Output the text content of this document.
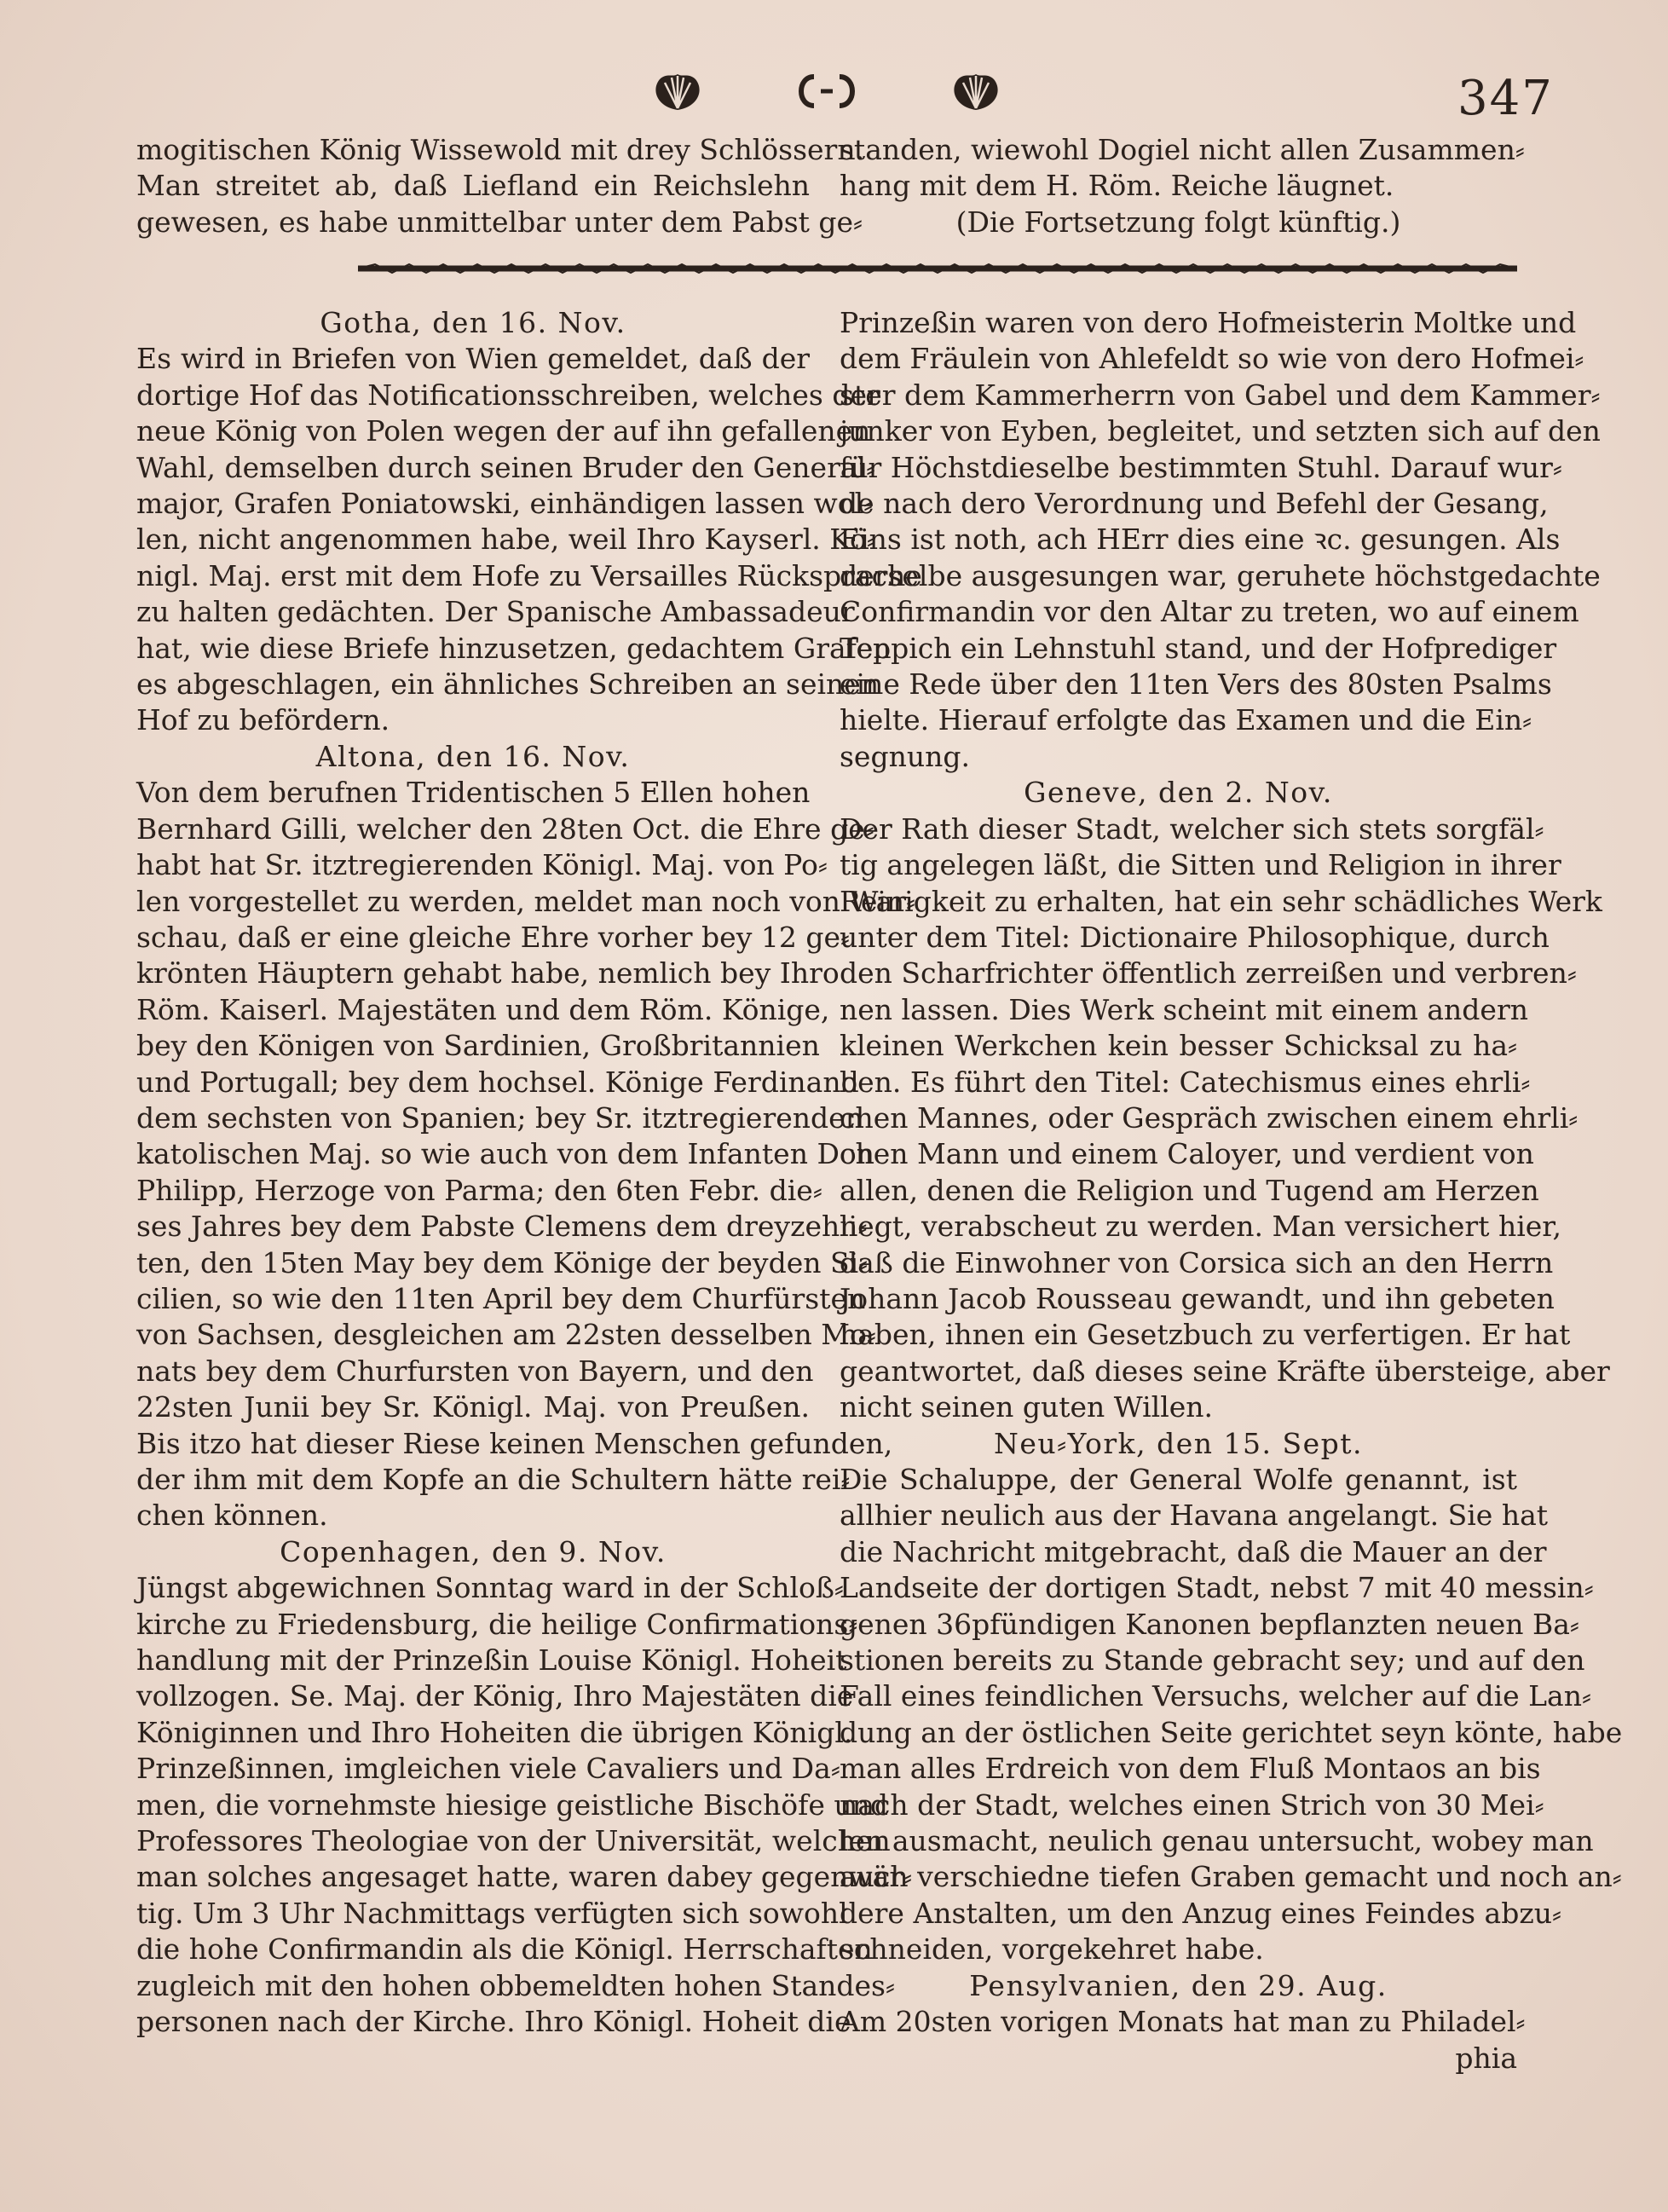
347

mogitischen König Wissewold mit drey Schlössern.

Man streitet ab, daß Liefland ein Reichslehn

gewesen, es habe unmittelbar unter dem Pabst ge⸗

standen, wiewohl Dogiel nicht allen Zusammen⸗

hang mit dem H. Röm. Reiche läugnet.

(Die Fortsetzung folgt künftig.)

Gotha, den 16. Nov.

Es wird in Briefen von Wien gemeldet, daß der

dortige Hof das Notificationsschreiben, welches der

neue König von Polen wegen der auf ihn gefallenen

Wahl, demselben durch seinen Bruder den General⸗

major, Grafen Poniatowski, einhändigen lassen wol⸗

len, nicht angenommen habe, weil Ihro Kayserl. Kö⸗

nigl. Maj. erst mit dem Hofe zu Versailles Rücksprache

zu halten gedächten. Der Spanische Ambassadeur

hat, wie diese Briefe hinzusetzen, gedachtem Grafen

es abgeschlagen, ein ähnliches Schreiben an seinen

Hof zu befördern.

Altona, den 16. Nov.

Von dem berufnen Tridentischen 5 Ellen hohen

Bernhard Gilli, welcher den 28ten Oct. die Ehre ge⸗

habt hat Sr. itztregierenden Königl. Maj. von Po⸗

len vorgestellet zu werden, meldet man noch von War⸗

schau, daß er eine gleiche Ehre vorher bey 12 ge⸗

krönten Häuptern gehabt habe, nemlich bey Ihro

Röm. Kaiserl. Majestäten und dem Röm. Könige,

bey den Königen von Sardinien, Großbritannien

und Portugall; bey dem hochsel. Könige Ferdinand

dem sechsten von Spanien; bey Sr. itztregierenden

katolischen Maj. so wie auch von dem Infanten Don

Philipp, Herzoge von Parma; den 6ten Febr. die⸗

ses Jahres bey dem Pabste Clemens dem dreyzehn⸗

ten, den 15ten May bey dem Könige der beyden Si⸗

cilien, so wie den 11ten April bey dem Churfürsten

von Sachsen, desgleichen am 22sten desselben Mo⸗

nats bey dem Churfursten von Bayern, und den

22sten Junii bey Sr. Königl. Maj. von Preußen.

Bis itzo hat dieser Riese keinen Menschen gefunden,

der ihm mit dem Kopfe an die Schultern hätte rei⸗

chen können.

Copenhagen, den 9. Nov.

Jüngst abgewichnen Sonntag ward in der Schloß⸗

kirche zu Friedensburg, die heilige Confirmations⸗

handlung mit der Prinzeßin Louise Königl. Hoheit

vollzogen. Se. Maj. der König, Ihro Majestäten die

Königinnen und Ihro Hoheiten die übrigen Königl.

Prinzeßinnen, imgleichen viele Cavaliers und Da⸗

men, die vornehmste hiesige geistliche Bischöfe und

Professores Theologiae von der Universität, welchen

man solches angesaget hatte, waren dabey gegenwär⸗

tig. Um 3 Uhr Nachmittags verfügten sich sowohl

die hohe Confirmandin als die Königl. Herrschaften

zugleich mit den hohen obbemeldten hohen Standes⸗

personen nach der Kirche. Ihro Königl. Hoheit die

Prinzeßin waren von dero Hofmeisterin Moltke und

dem Fräulein von Ahlefeldt so wie von dero Hofmei⸗

ster dem Kammerherrn von Gabel und dem Kammer⸗

junker von Eyben, begleitet, und setzten sich auf den

für Höchstdieselbe bestimmten Stuhl. Darauf wur⸗

de nach dero Verordnung und Befehl der Gesang,

Eins ist noth, ach HErr dies eine ꝛc. gesungen. Als

derselbe ausgesungen war, geruhete höchstgedachte

Confirmandin vor den Altar zu treten, wo auf einem

Teppich ein Lehnstuhl stand, und der Hofprediger

eine Rede über den 11ten Vers des 80sten Psalms

hielte. Hierauf erfolgte das Examen und die Ein⸗

segnung.

Geneve, den 2. Nov.

Der Rath dieser Stadt, welcher sich stets sorgfäl⸗

tig angelegen läßt, die Sitten und Religion in ihrer

Reinigkeit zu erhalten, hat ein sehr schädliches Werk

unter dem Titel: Dictionaire Philosophique, durch

den Scharfrichter öffentlich zerreißen und verbren⸗

nen lassen. Dies Werk scheint mit einem andern

kleinen Werkchen kein besser Schicksal zu ha⸗

ben. Es führt den Titel: Catechismus eines ehrli⸗

chen Mannes, oder Gespräch zwischen einem ehrli⸗

chen Mann und einem Caloyer, und verdient von

allen, denen die Religion und Tugend am Herzen

liegt, verabscheut zu werden. Man versichert hier,

daß die Einwohner von Corsica sich an den Herrn

Johann Jacob Rousseau gewandt, und ihn gebeten

haben, ihnen ein Gesetzbuch zu verfertigen. Er hat

geantwortet, daß dieses seine Kräfte übersteige, aber

nicht seinen guten Willen.

Neu⸗York, den 15. Sept.

Die Schaluppe, der General Wolfe genannt, ist

allhier neulich aus der Havana angelangt. Sie hat

die Nachricht mitgebracht, daß die Mauer an der

Landseite der dortigen Stadt, nebst 7 mit 40 messin⸗

genen 36pfündigen Kanonen bepflanzten neuen Ba⸗

stionen bereits zu Stande gebracht sey; und auf den

Fall eines feindlichen Versuchs, welcher auf die Lan⸗

dung an der östlichen Seite gerichtet seyn könte, habe

man alles Erdreich von dem Fluß Montaos an bis

nach der Stadt, welches einen Strich von 30 Mei⸗

len ausmacht, neulich genau untersucht, wobey man

auch verschiedne tiefen Graben gemacht und noch an⸗

dere Anstalten, um den Anzug eines Feindes abzu⸗

schneiden, vorgekehret habe.

Pensylvanien, den 29. Aug.

Am 20sten vorigen Monats hat man zu Philadel⸗

phia
